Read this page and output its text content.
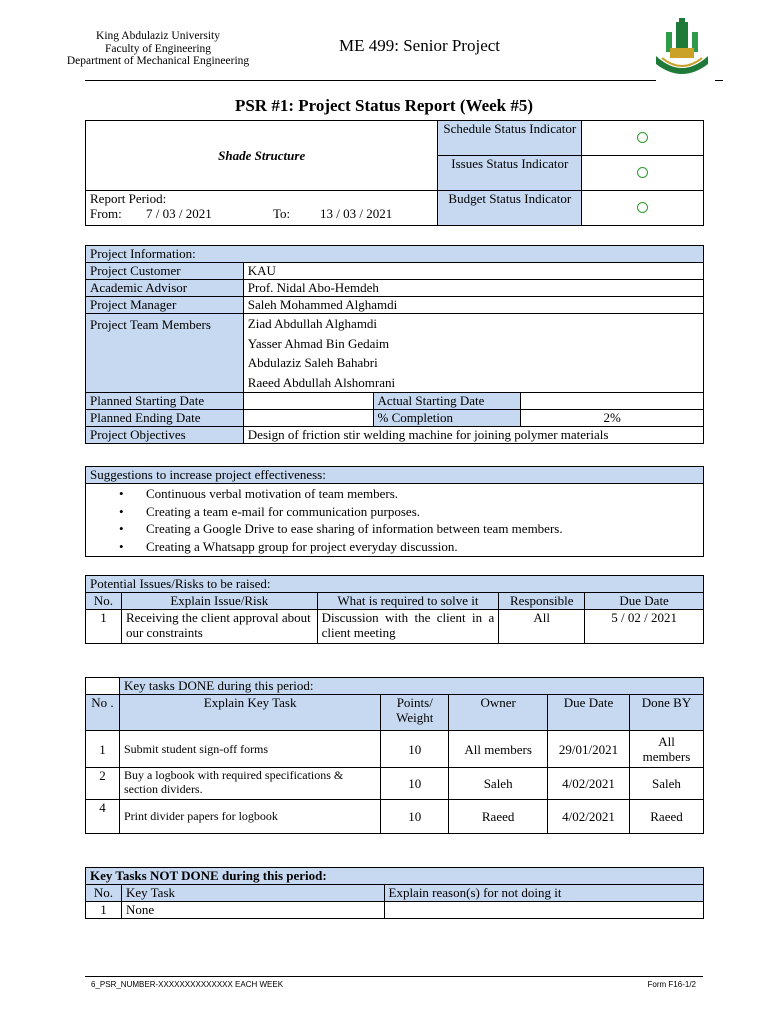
King Abdulaziz University
Faculty of Engineering
Department of Mechanical Engineering
ME 499: Senior Project
PSR #1: Project Status Report (Week #5)
Shade Structure	Schedule Status Indicator	
	Issues Status Indicator	

Report Period:
From: 7 / 03 / 2021 To: 13 / 03 / 2021	Budget Status Indicator	
Project Information:			
Project Customer	KAU		
Academic Advisor	Prof. Nidal Abo-Hemdeh		
Project Manager	Saleh Mohammed Alghamdi		
Project Team Members	Ziad Abdullah Alghamdi
Yasser Ahmad Bin Gedaim
Abdulaziz Saleh Bahabri
Raeed Abdullah Alshomrani		

Planned Starting Date		Actual Starting Date	
Planned Ending Date		% Completion	2%
Project Objectives	Design of friction stir welding machine for joining polymer materials		
Suggestions to increase project effectiveness:

• Continuous verbal motivation of team members.
• Creating a team e-mail for communication purposes.
• Creating a Google Drive to ease sharing of information between team members.
• Creating a Whatsapp group for project everyday discussion.
Potential Issues/Risks to be raised:				
No.	Explain Issue/Risk	What is required to solve it	Responsible	Due Date
1	Receiving the client approval about our constraints	Discussion with the client in a client meeting	All	5 / 02 / 2021
	Key tasks DONE during this period:				
No .	Explain Key Task	Points/ Weight	Owner	Due Date	Done BY
1	Submit student sign-off forms	10	All members	29/01/2021	All members
2	Buy a logbook with required specifications & section dividers.	10	Saleh	4/02/2021	Saleh
4	Print divider papers for logbook	10	Raeed	4/02/2021	Raeed
Key Tasks NOT DONE during this period:		
No.	Key Task	Explain reason(s) for not doing it
1	None	
6_PSR_NUMBER-XXXXXXXXXXXXXX EACH WEEK	Form F16-1/2
